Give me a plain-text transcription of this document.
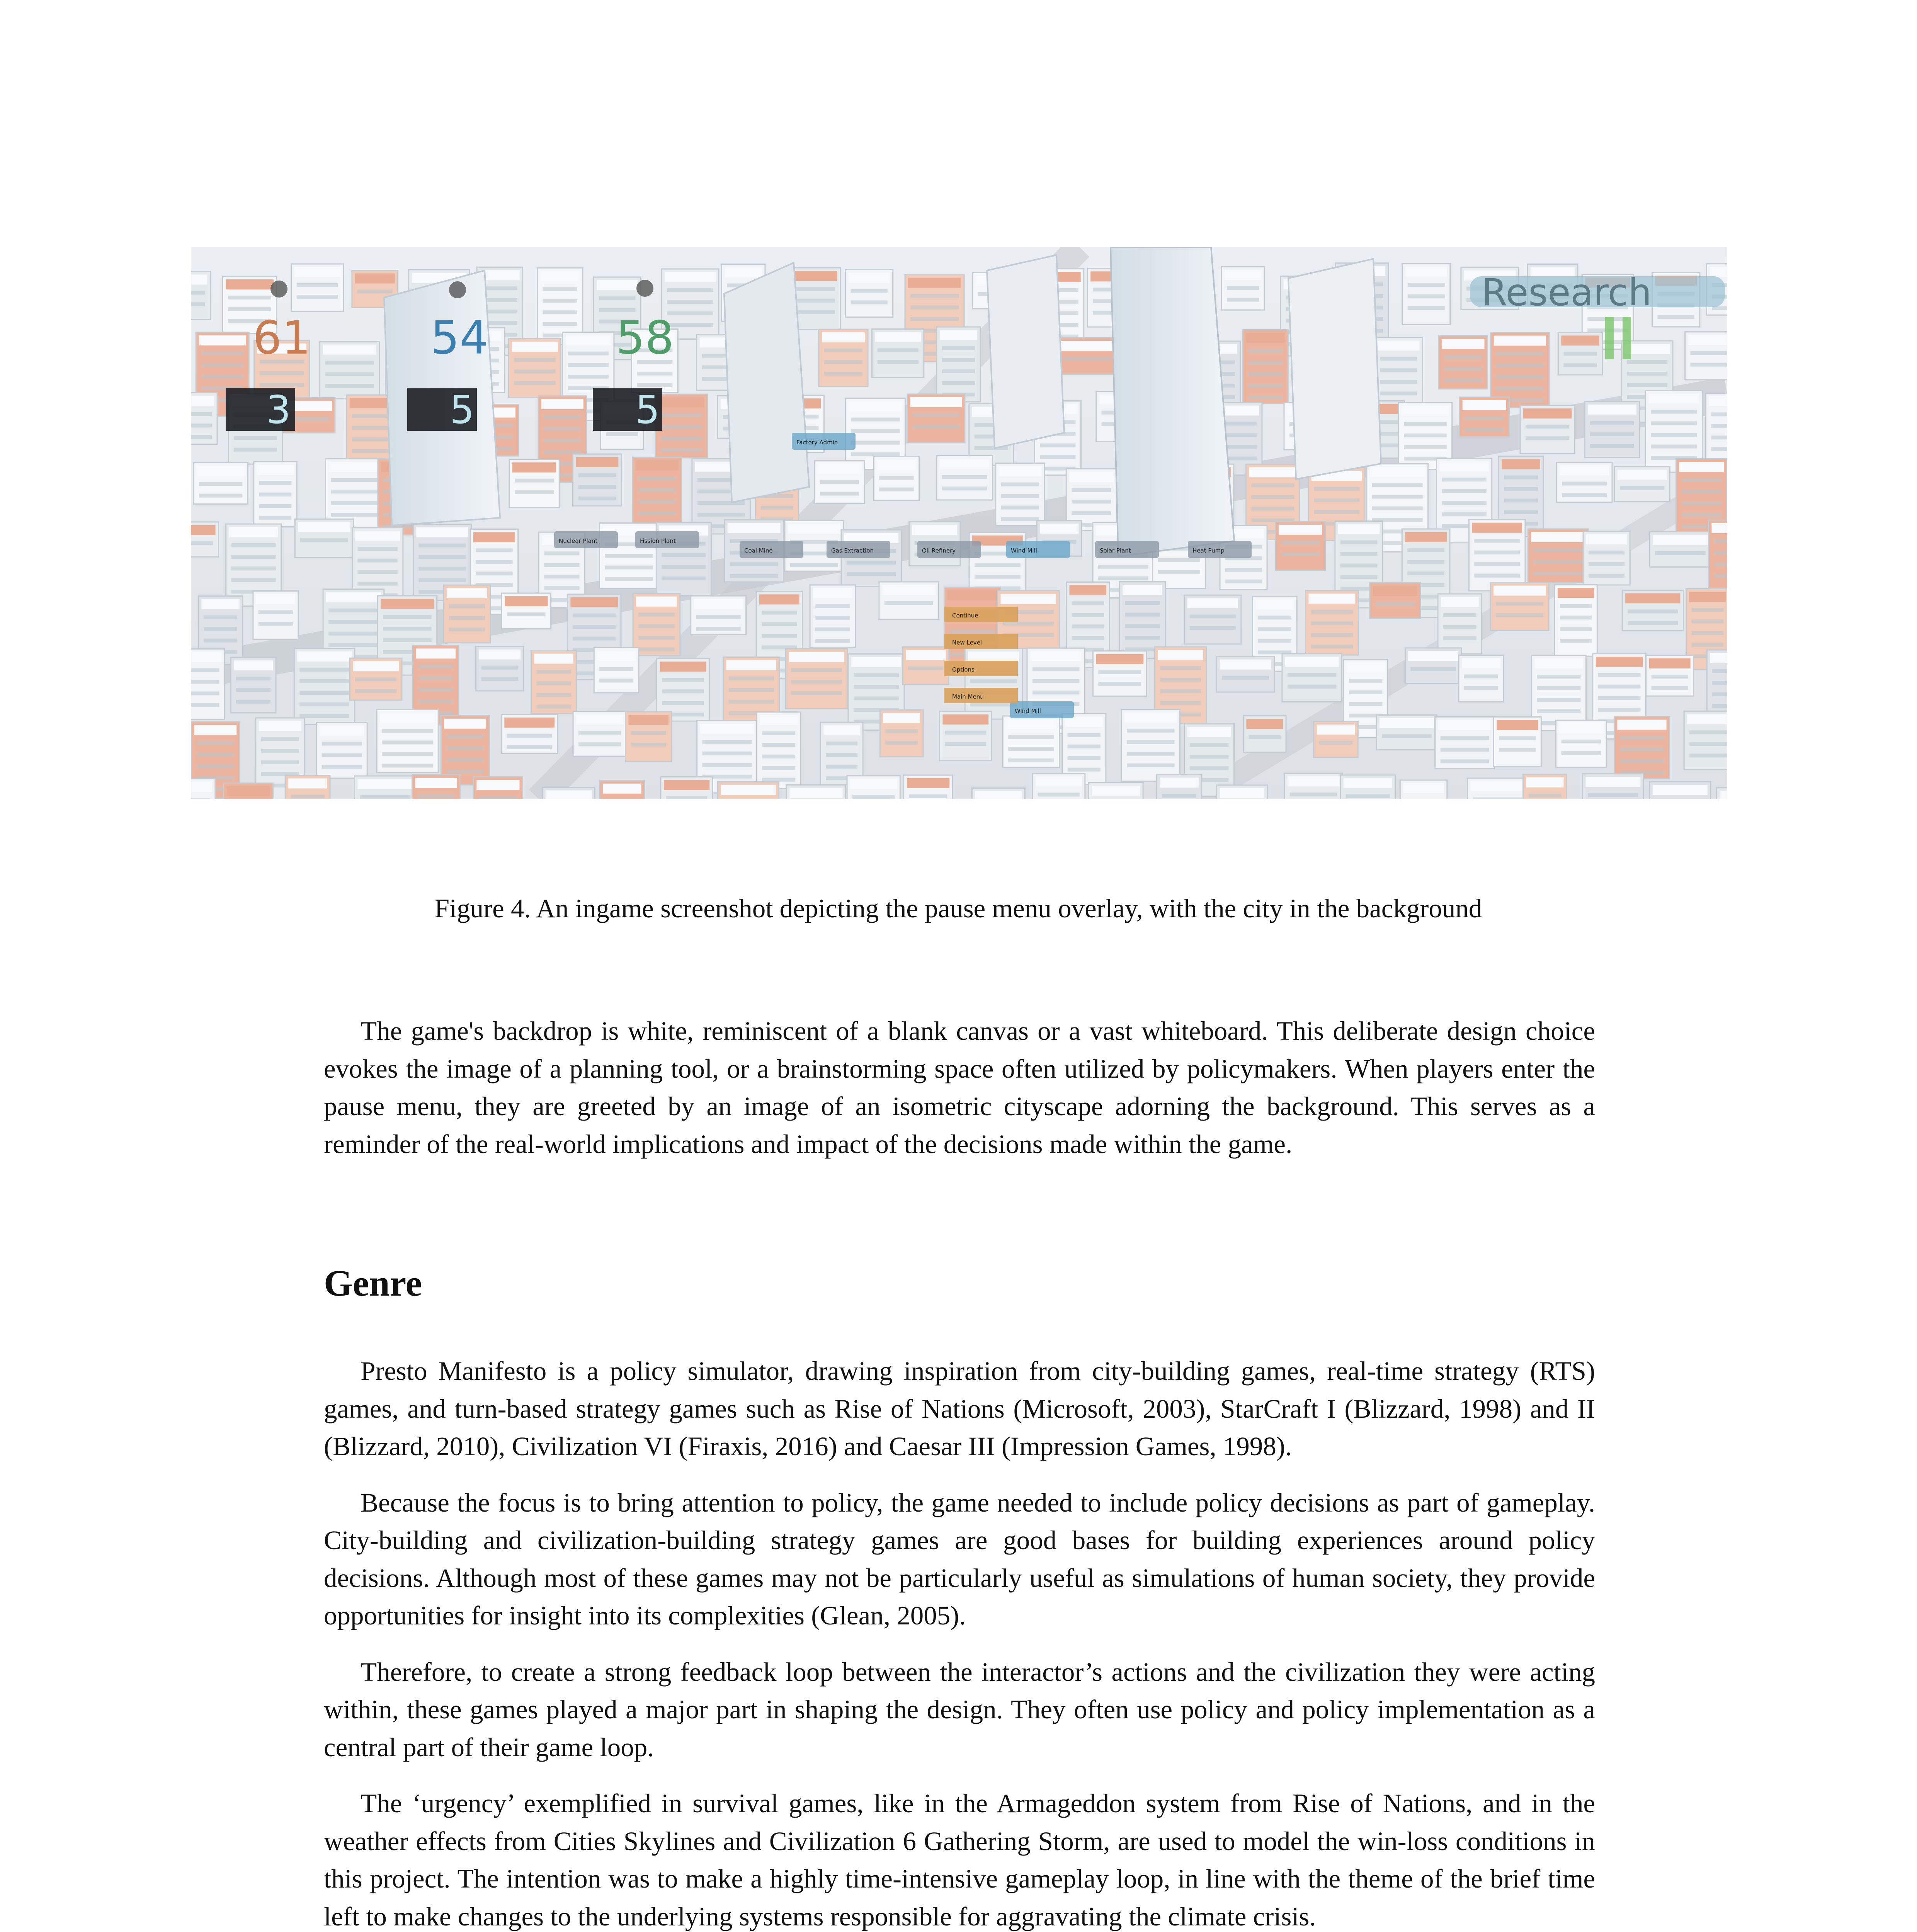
61	54	58
3	5	5
Research
Nuclear Plant	Fission Plant
Coal Mine	Gas Extraction	Oil Refinery	Wind Mill	Solar Plant	Heat Pump
Factory Admin
Wind Mill
Continue
New Level
Options
Main Menu
Figure 4. An ingame screenshot depicting the pause menu overlay, with the city in the background

The game's backdrop is white, reminiscent of a blank canvas or a vast whiteboard. This deliberate design choice evokes the image of a planning tool, or a brainstorming space often utilized by policymakers. When players enter the pause menu, they are greeted by an image of an isometric cityscape adorning the background. This serves as a reminder of the real-world implications and impact of the decisions made within the game.

Genre

Presto Manifesto is a policy simulator, drawing inspiration from city-building games, real-time strategy (RTS) games, and turn-based strategy games such as Rise of Nations (Microsoft, 2003), StarCraft I (Blizzard, 1998) and II (Blizzard, 2010), Civilization VI (Firaxis, 2016) and Caesar III (Impression Games, 1998).

Because the focus is to bring attention to policy, the game needed to include policy decisions as part of gameplay. City-building and civilization-building strategy games are good bases for building experiences around policy decisions. Although most of these games may not be particularly useful as simulations of human society, they provide opportunities for insight into its complexities (Glean, 2005).

Therefore, to create a strong feedback loop between the interactor’s actions and the civilization they were acting within, these games played a major part in shaping the design. They often use policy and policy implementation as a central part of their game loop.

The ‘urgency’ exemplified in survival games, like in the Armageddon system from Rise of Nations, and in the weather effects from Cities Skylines and Civilization 6 Gathering Storm, are used to model the win-loss conditions in this project. The intention was to make a highly time-intensive gameplay loop, in line with the theme of the brief time left to make changes to the underlying systems responsible for aggravating the climate crisis.
